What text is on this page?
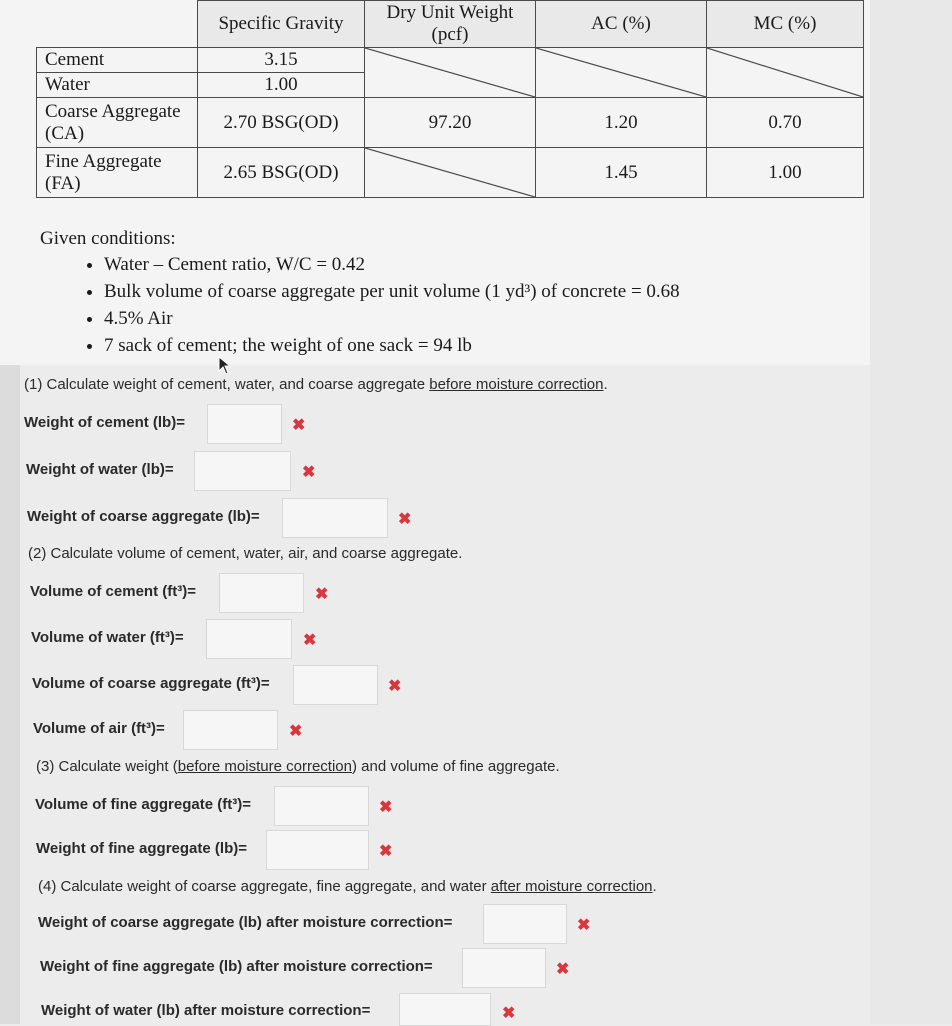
	Specific Gravity	Dry Unit Weight (pcf)	AC (%)	MC (%)
Cement	3.15	

Water	1.00			
Coarse Aggregate (CA)	2.70 BSG(OD)	97.20	1.20	0.70
Fine Aggregate (FA)	2.65 BSG(OD)		1.45	1.00
Given conditions:
• Water – Cement ratio, W/C = 0.42
• Bulk volume of coarse aggregate per unit volume (1 yd³) of concrete = 0.68
• 4.5% Air
• 7 sack of cement; the weight of one sack = 94 lb
(1) Calculate weight of cement, water, and coarse aggregate before moisture correction.
Weight of cement (lb)=	✖
Weight of water (lb)=	✖
Weight of coarse aggregate (lb)=	✖
(2) Calculate volume of cement, water, air, and coarse aggregate.
Volume of cement (ft³)=	✖
Volume of water (ft³)=	✖
Volume of coarse aggregate (ft³)=	✖
Volume of air (ft³)=	✖
(3) Calculate weight (before moisture correction) and volume of fine aggregate.
Volume of fine aggregate (ft³)=	✖
Weight of fine aggregate (lb)=	✖
(4) Calculate weight of coarse aggregate, fine aggregate, and water after moisture correction.
Weight of coarse aggregate (lb) after moisture correction=	✖
Weight of fine aggregate (lb) after moisture correction=	✖
Weight of water (lb) after moisture correction=	✖
